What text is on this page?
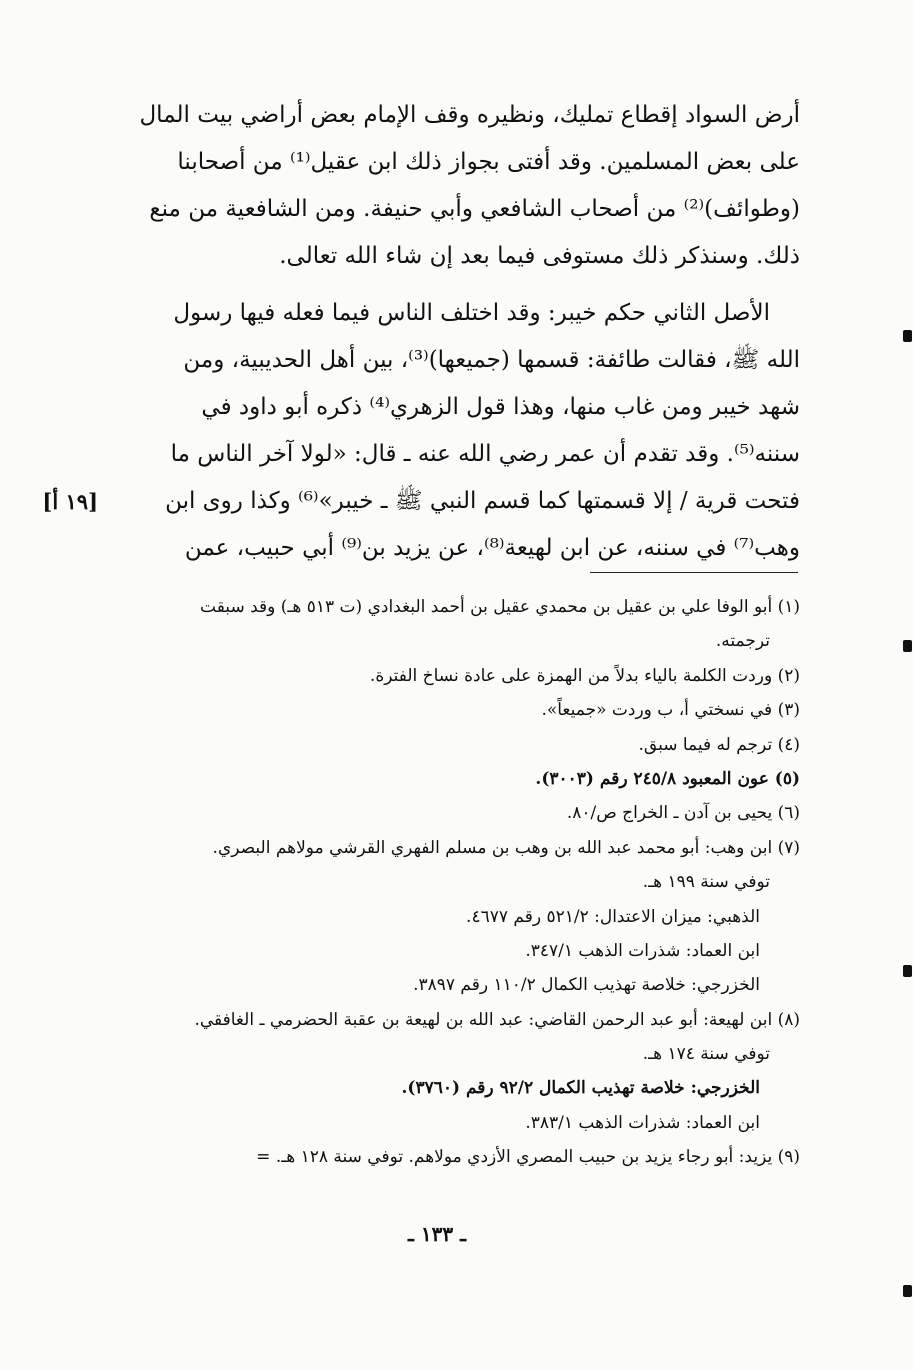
أرض السواد إقطاع تمليك، ونظيره وقف الإمام بعض أراضي بيت المال
على بعض المسلمين. وقد أفتى بجواز ذلك ابن عقيل⁽¹⁾ من أصحابنا
(وطوائف)⁽²⁾ من أصحاب الشافعي وأبي حنيفة. ومن الشافعية من منع
ذلك. وسنذكر ذلك مستوفى فيما بعد إن شاء الله تعالى.
الأصل الثاني حكم خيبر: وقد اختلف الناس فيما فعله فيها رسول
الله ﷺ، فقالت طائفة: قسمها (جميعها)⁽³⁾، بين أهل الحديبية، ومن
شهد خيبر ومن غاب منها، وهذا قول الزهري⁽⁴⁾ ذكره أبو داود في
سننه⁽⁵⁾. وقد تقدم أن عمر رضي الله عنه ـ قال: «لولا آخر الناس ما
فتحت قرية / إلا قسمتها كما قسم النبي ﷺ ـ خيبر»⁽⁶⁾ وكذا روى ابن
وهب⁽⁷⁾ في سننه، عن ابن لهيعة⁽⁸⁾، عن يزيد بن⁽⁹⁾ أبي حبيب، عمن
[١٩ أ]
(١) أبو الوفا علي بن عقيل بن محمدي عقيل بن أحمد البغدادي (ت ٥١٣ هـ) وقد سبقت
ترجمته.
(٢) وردت الكلمة بالياء بدلاً من الهمزة على عادة نساخ الفترة.
(٣) في نسختي أ، ب وردت «جميعاً».
(٤) ترجم له فيما سبق.
(٥) عون المعبود ٢٤٥/٨ رقم (٣٠٠٣).
(٦) يحيى بن آدن ـ الخراج ص/٨٠.
(٧) ابن وهب: أبو محمد عبد الله بن وهب بن مسلم الفهري القرشي مولاهم البصري.
توفي سنة ١٩٩ هـ.
الذهبي: ميزان الاعتدال: ٥٢١/٢ رقم ٤٦٧٧.
ابن العماد: شذرات الذهب ٣٤٧/١.
الخزرجي: خلاصة تهذيب الكمال ١١٠/٢ رقم ٣٨٩٧.
(٨) ابن لهيعة: أبو عبد الرحمن القاضي: عبد الله بن لهيعة بن عقبة الحضرمي ـ الغافقي.
توفي سنة ١٧٤ هـ.
الخزرجي: خلاصة تهذيب الكمال ٩٢/٢ رقم (٣٧٦٠).
ابن العماد: شذرات الذهب ٣٨٣/١.
(٩) يزيد: أبو رجاء يزيد بن حبيب المصري الأزدي مولاهم. توفي سنة ١٢٨ هـ. =
ـ ١٣٣ ـ
